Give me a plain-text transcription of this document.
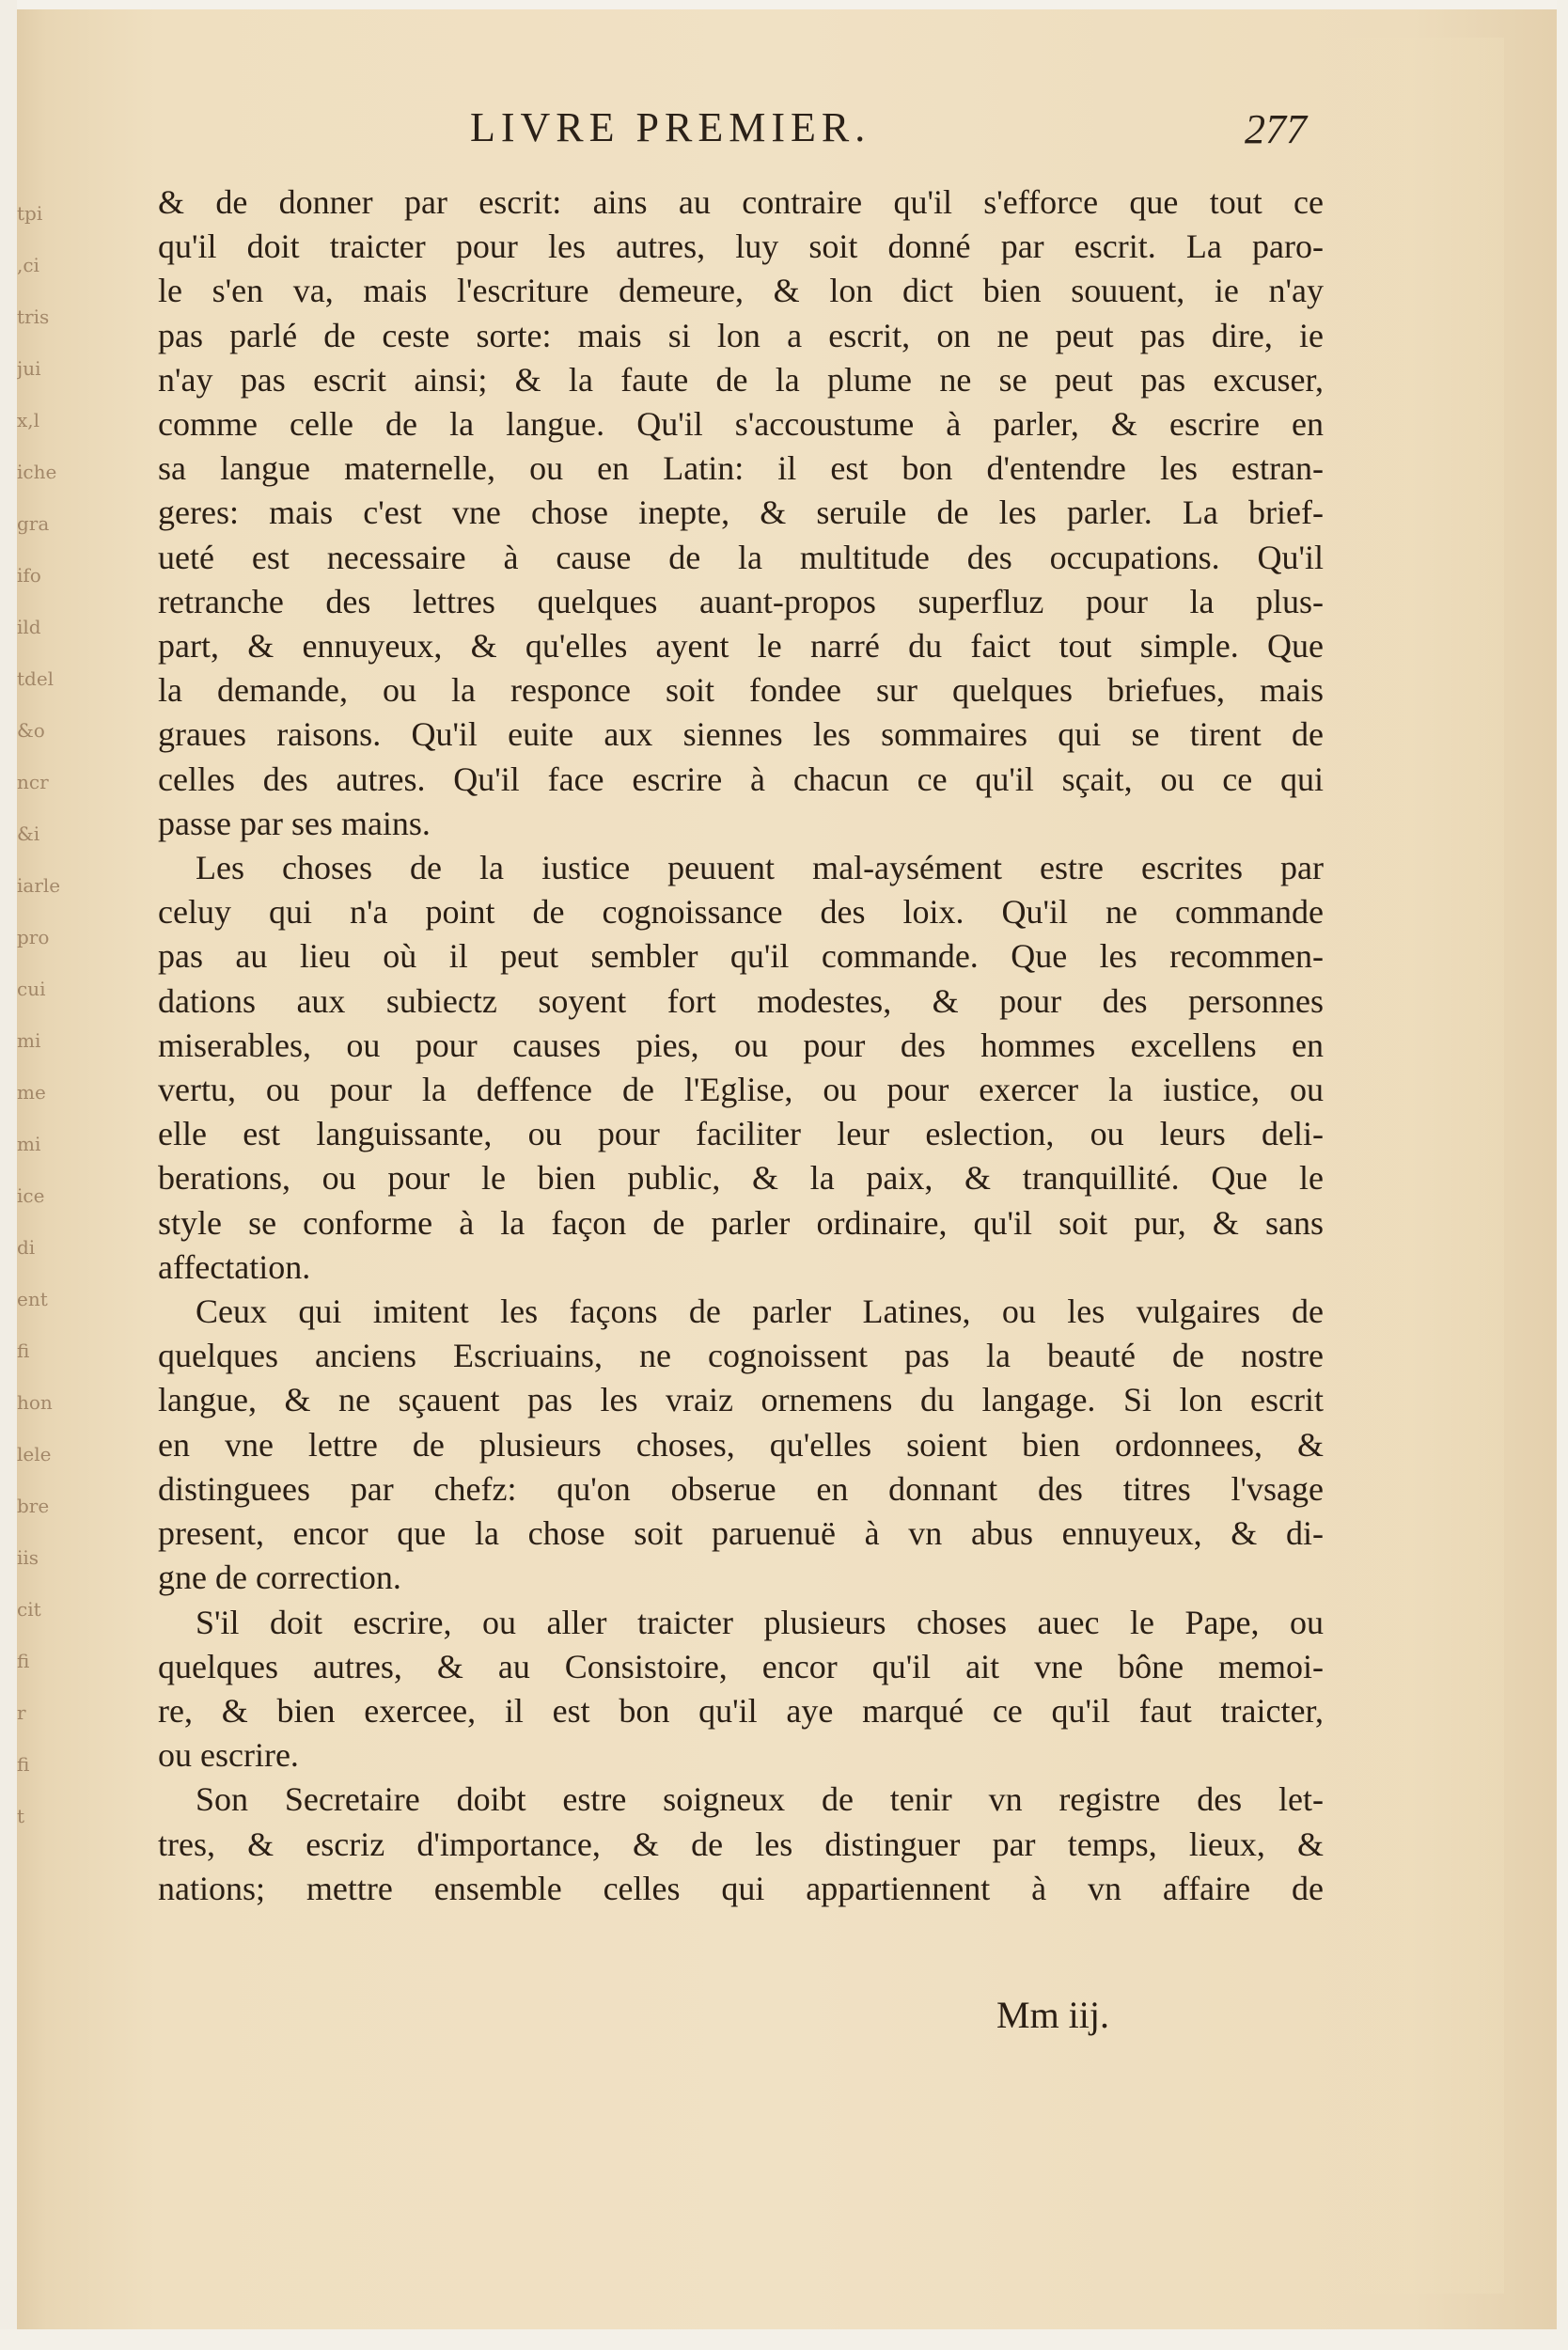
tpi
,ci
tris
jui
x,l
iche
gra
ifo
ild
tdel
&o
ncr
&i
iarle
pro
cui
mi
me
mi
ice
di
ent
fi
hon
lele
bre
iis
cit
fi
r
fi
t
LIVRE PREMIER.	277
& de donner par escrit: ains au contraire qu'il s'efforce que tout ce
qu'il doit traicter pour les autres, luy soit donné par escrit. La paro-
le s'en va, mais l'escriture demeure, & lon dict bien souuent, ie n'ay
pas parlé de ceste sorte: mais si lon a escrit, on ne peut pas dire, ie
n'ay pas escrit ainsi; & la faute de la plume ne se peut pas excuser,
comme celle de la langue. Qu'il s'accoustume à parler, & escrire en
sa langue maternelle, ou en Latin: il est bon d'entendre les estran-
geres: mais c'est vne chose inepte, & seruile de les parler. La brief-
ueté est necessaire à cause de la multitude des occupations. Qu'il
retranche des lettres quelques auant-propos superfluz pour la plus-
part, & ennuyeux, & qu'elles ayent le narré du faict tout simple. Que
la demande, ou la responce soit fondee sur quelques briefues, mais
graues raisons. Qu'il euite aux siennes les sommaires qui se tirent de
celles des autres. Qu'il face escrire à chacun ce qu'il sçait, ou ce qui
passe par ses mains.
Les choses de la iustice peuuent mal-aysément estre escrites par
celuy qui n'a point de cognoissance des loix. Qu'il ne commande
pas au lieu où il peut sembler qu'il commande. Que les recommen-
dations aux subiectz soyent fort modestes, & pour des personnes
miserables, ou pour causes pies, ou pour des hommes excellens en
vertu, ou pour la deffence de l'Eglise, ou pour exercer la iustice, ou
elle est languissante, ou pour faciliter leur eslection, ou leurs deli-
berations, ou pour le bien public, & la paix, & tranquillité. Que le
style se conforme à la façon de parler ordinaire, qu'il soit pur, & sans
affectation.
Ceux qui imitent les façons de parler Latines, ou les vulgaires de
quelques anciens Escriuains, ne cognoissent pas la beauté de nostre
langue, & ne sçauent pas les vraiz ornemens du langage. Si lon escrit
en vne lettre de plusieurs choses, qu'elles soient bien ordonnees, &
distinguees par chefz: qu'on obserue en donnant des titres l'vsage
present, encor que la chose soit paruenuë à vn abus ennuyeux, & di-
gne de correction.
S'il doit escrire, ou aller traicter plusieurs choses auec le Pape, ou
quelques autres, & au Consistoire, encor qu'il ait vne bône memoi-
re, & bien exercee, il est bon qu'il aye marqué ce qu'il faut traicter,
ou escrire.
Son Secretaire doibt estre soigneux de tenir vn registre des let-
tres, & escriz d'importance, & de les distinguer par temps, lieux, &
nations; mettre ensemble celles qui appartiennent à vn affaire de
Mm iij.
